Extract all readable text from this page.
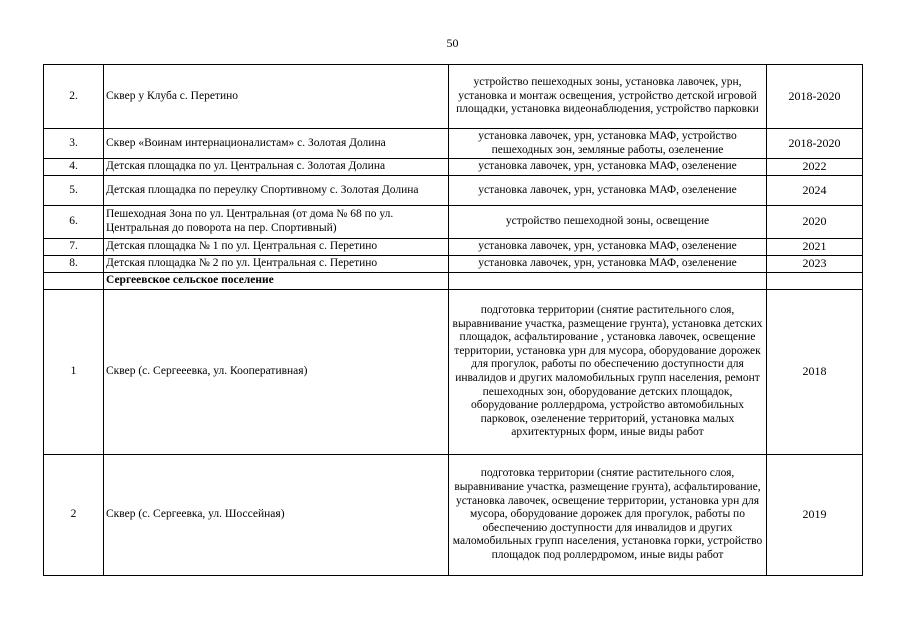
50
2.	Сквер у Клуба с. Перетино	устройство пешеходных зоны, установка лавочек, урн, установка и монтаж освещения, устройство детской игровой площадки, установка видеонаблюдения, устройство парковки	2018-2020
3.	Сквер «Воинам интернационалистам» с. Золотая Долина	установка лавочек, урн, установка МАФ, устройство пешеходных зон, земляные работы, озеленение	2018-2020
4.	Детская площадка по ул. Центральная с. Золотая Долина	установка лавочек, урн, установка МАФ, озеленение	2022
5.	Детская площадка по переулку Спортивному с. Золотая Долина	установка лавочек, урн, установка МАФ, озеленение	2024
6.	Пешеходная Зона по ул. Центральная (от дома № 68 по ул. Центральная до поворота на пер. Спортивный)	устройство пешеходной зоны, освещение	2020
7.	Детская площадка № 1 по ул. Центральная с. Перетино	установка лавочек, урн, установка МАФ, озеленение	2021
8.	Детская площадка № 2 по ул. Центральная с. Перетино	установка лавочек, урн, установка МАФ, озеленение	2023
	Сергеевское сельское поселение		
1	Сквер (с. Сергееевка, ул. Кооперативная)	подготовка территории (снятие растительного слоя, выравнивание участка, размещение грунта), установка детских площадок, асфальтирование , установка лавочек, освещение территории, установка урн для мусора, оборудование дорожек для прогулок, работы по обеспечению доступности для инвалидов и других маломобильных групп населения, ремонт пешеходных зон, оборудование детских площадок, оборудование роллердрома, устройство автомобильных парковок, озеленение территорий, установка малых архитектурных форм, иные виды работ	2018
2	Сквер (с. Сергеевка, ул. Шоссейная)	подготовка территории (снятие растительного слоя, выравнивание участка, размещение грунта), асфальтирование, установка лавочек, освещение территории, установка урн для мусора, оборудование дорожек для прогулок, работы по обеспечению доступности для инвалидов и других маломобильных групп населения, установка горки, устройство площадок под роллердромом, иные виды работ	2019
